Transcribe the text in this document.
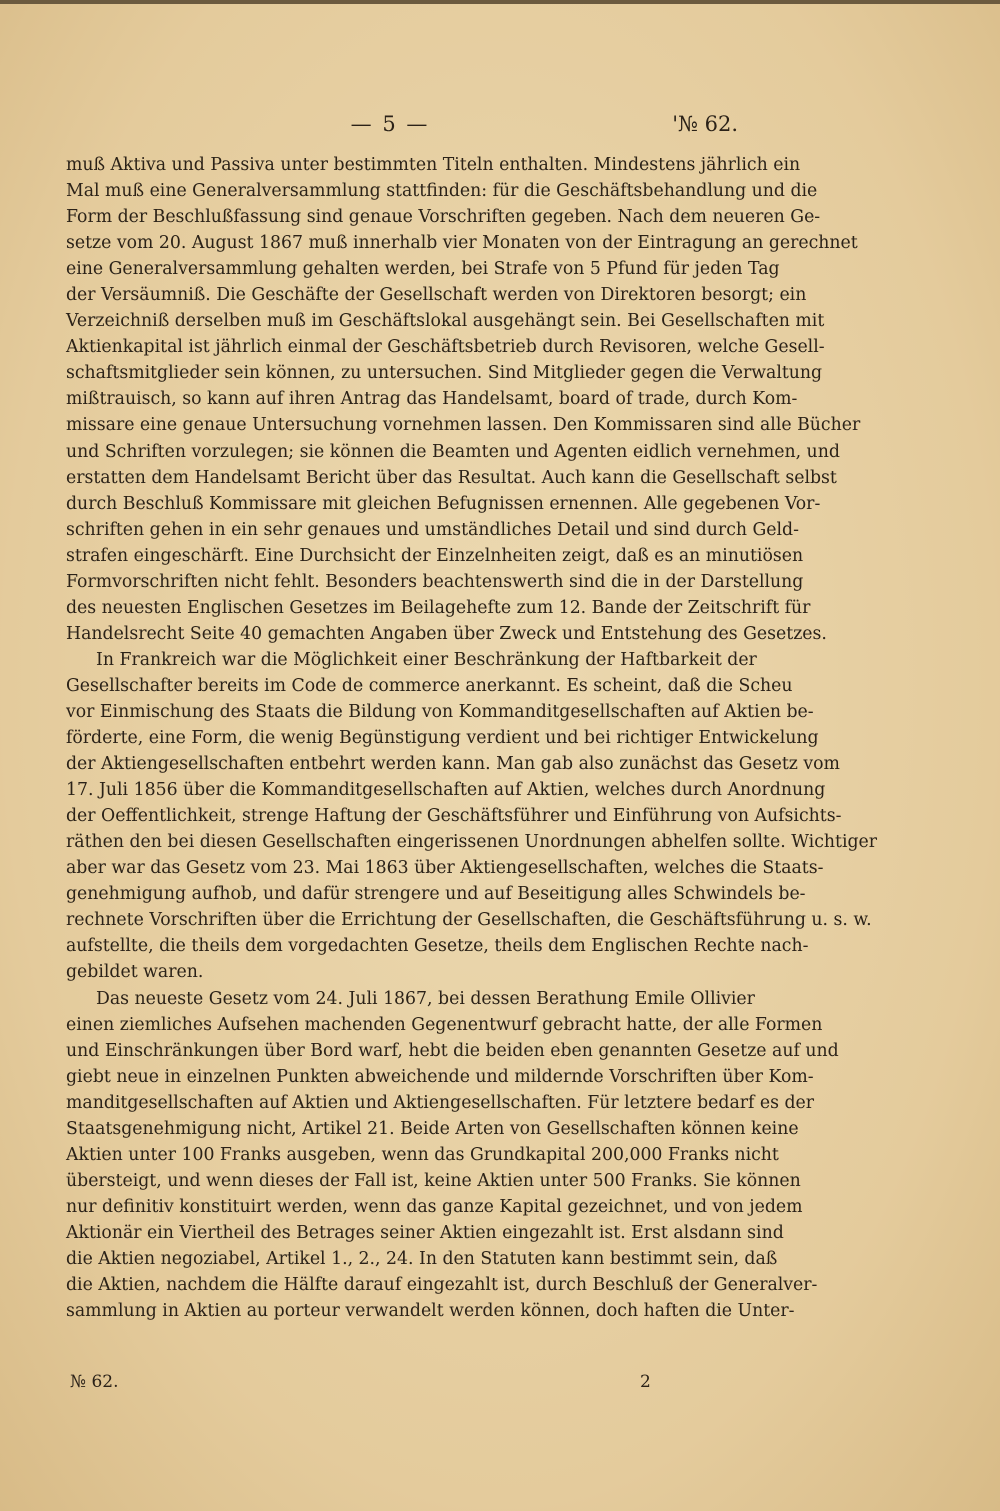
— 5 —	'№ 62.

muß Aktiva und Passiva unter bestimmten Titeln enthalten. Mindestens jährlich ein

Mal muß eine Generalversammlung stattfinden: für die Geschäftsbehandlung und die

Form der Beschlußfassung sind genaue Vorschriften gegeben. Nach dem neueren Ge-

setze vom 20. August 1867 muß innerhalb vier Monaten von der Eintragung an gerechnet

eine Generalversammlung gehalten werden, bei Strafe von 5 Pfund für jeden Tag

der Versäumniß. Die Geschäfte der Gesellschaft werden von Direktoren besorgt; ein

Verzeichniß derselben muß im Geschäftslokal ausgehängt sein. Bei Gesellschaften mit

Aktienkapital ist jährlich einmal der Geschäftsbetrieb durch Revisoren, welche Gesell-

schaftsmitglieder sein können, zu untersuchen. Sind Mitglieder gegen die Verwaltung

mißtrauisch, so kann auf ihren Antrag das Handelsamt, board of trade, durch Kom-

missare eine genaue Untersuchung vornehmen lassen. Den Kommissaren sind alle Bücher

und Schriften vorzulegen; sie können die Beamten und Agenten eidlich vernehmen, und

erstatten dem Handelsamt Bericht über das Resultat. Auch kann die Gesellschaft selbst

durch Beschluß Kommissare mit gleichen Befugnissen ernennen. Alle gegebenen Vor-

schriften gehen in ein sehr genaues und umständliches Detail und sind durch Geld-

strafen eingeschärft. Eine Durchsicht der Einzelnheiten zeigt, daß es an minutiösen

Formvorschriften nicht fehlt. Besonders beachtenswerth sind die in der Darstellung

des neuesten Englischen Gesetzes im Beilagehefte zum 12. Bande der Zeitschrift für

Handelsrecht Seite 40 gemachten Angaben über Zweck und Entstehung des Gesetzes.

In Frankreich war die Möglichkeit einer Beschränkung der Haftbarkeit der

Gesellschafter bereits im Code de commerce anerkannt. Es scheint, daß die Scheu

vor Einmischung des Staats die Bildung von Kommanditgesellschaften auf Aktien be-

förderte, eine Form, die wenig Begünstigung verdient und bei richtiger Entwickelung

der Aktiengesellschaften entbehrt werden kann. Man gab also zunächst das Gesetz vom

17. Juli 1856 über die Kommanditgesellschaften auf Aktien, welches durch Anordnung

der Oeffentlichkeit, strenge Haftung der Geschäftsführer und Einführung von Aufsichts-

räthen den bei diesen Gesellschaften eingerissenen Unordnungen abhelfen sollte. Wichtiger

aber war das Gesetz vom 23. Mai 1863 über Aktiengesellschaften, welches die Staats-

genehmigung aufhob, und dafür strengere und auf Beseitigung alles Schwindels be-

rechnete Vorschriften über die Errichtung der Gesellschaften, die Geschäftsführung u. s. w.

aufstellte, die theils dem vorgedachten Gesetze, theils dem Englischen Rechte nach-

gebildet waren.

Das neueste Gesetz vom 24. Juli 1867, bei dessen Berathung Emile Ollivier

einen ziemliches Aufsehen machenden Gegenentwurf gebracht hatte, der alle Formen

und Einschränkungen über Bord warf, hebt die beiden eben genannten Gesetze auf und

giebt neue in einzelnen Punkten abweichende und mildernde Vorschriften über Kom-

manditgesellschaften auf Aktien und Aktiengesellschaften. Für letztere bedarf es der

Staatsgenehmigung nicht, Artikel 21. Beide Arten von Gesellschaften können keine

Aktien unter 100 Franks ausgeben, wenn das Grundkapital 200,000 Franks nicht

übersteigt, und wenn dieses der Fall ist, keine Aktien unter 500 Franks. Sie können

nur definitiv konstituirt werden, wenn das ganze Kapital gezeichnet, und von jedem

Aktionär ein Viertheil des Betrages seiner Aktien eingezahlt ist. Erst alsdann sind

die Aktien negoziabel, Artikel 1., 2., 24. In den Statuten kann bestimmt sein, daß

die Aktien, nachdem die Hälfte darauf eingezahlt ist, durch Beschluß der Generalver-

sammlung in Aktien au porteur verwandelt werden können, doch haften die Unter-

№ 62.	2
